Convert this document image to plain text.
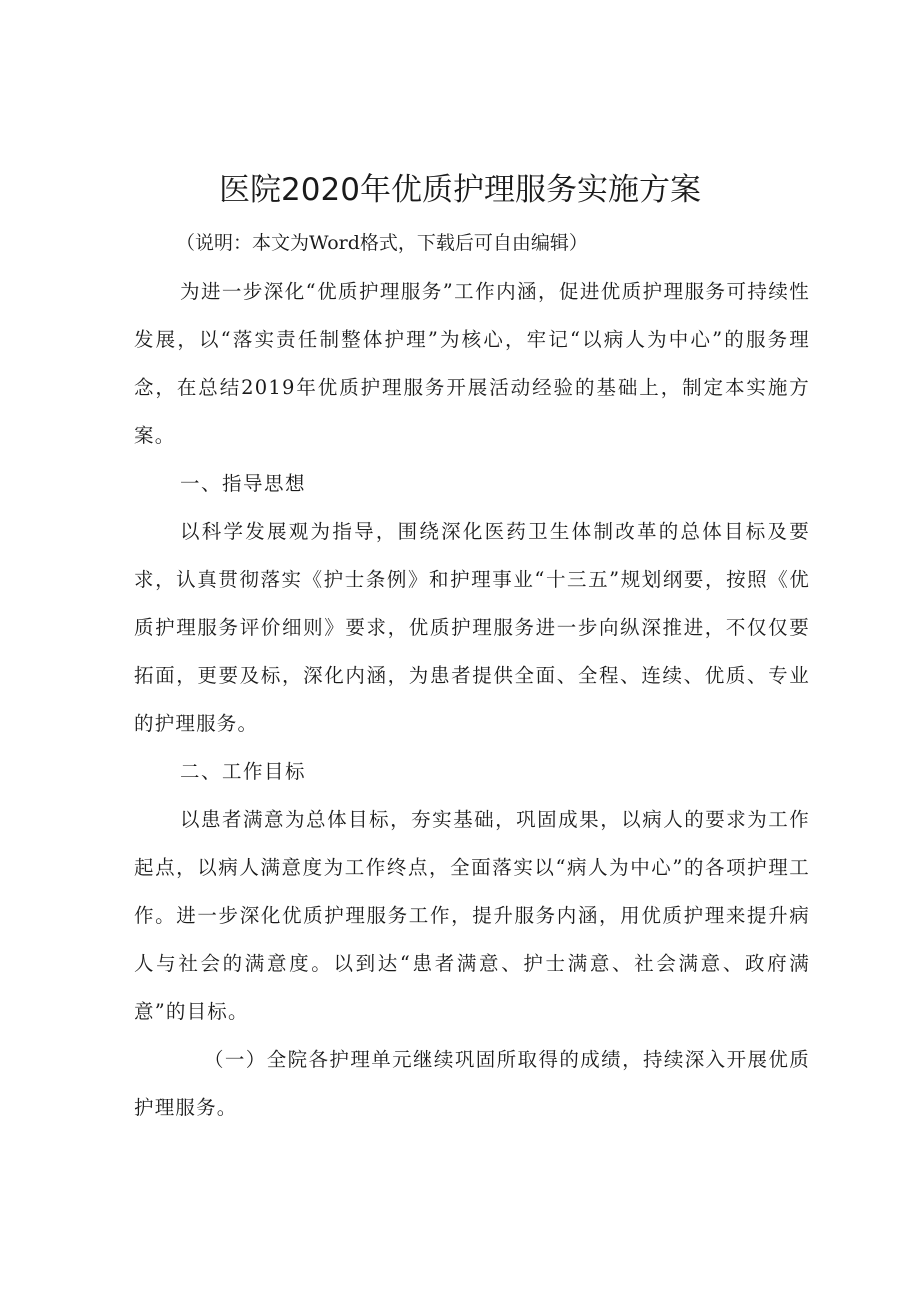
医院2020年优质护理服务实施方案
（说明：本文为Word格式，下载后可自由编辑）

为进一步深化“优质护理服务”工作内涵，促进优质护理服务可持续性发展，以“落实责任制整体护理”为核心，牢记“以病人为中心”的服务理念，在总结2019年优质护理服务开展活动经验的基础上，制定本实施方案。

一、指导思想

以科学发展观为指导，围绕深化医药卫生体制改革的总体目标及要求，认真贯彻落实《护士条例》和护理事业“十三五”规划纲要，按照《优质护理服务评价细则》要求，优质护理服务进一步向纵深推进，不仅仅要拓面，更要及标，深化内涵，为患者提供全面、全程、连续、优质、专业的护理服务。

二、工作目标

以患者满意为总体目标，夯实基础，巩固成果，以病人的要求为工作起点，以病人满意度为工作终点，全面落实以“病人为中心”的各项护理工作。进一步深化优质护理服务工作，提升服务内涵，用优质护理来提升病人与社会的满意度。以到达“患者满意、护士满意、社会满意、政府满意”的目标。

（一）全院各护理单元继续巩固所取得的成绩，持续深入开展优质护理服务。
